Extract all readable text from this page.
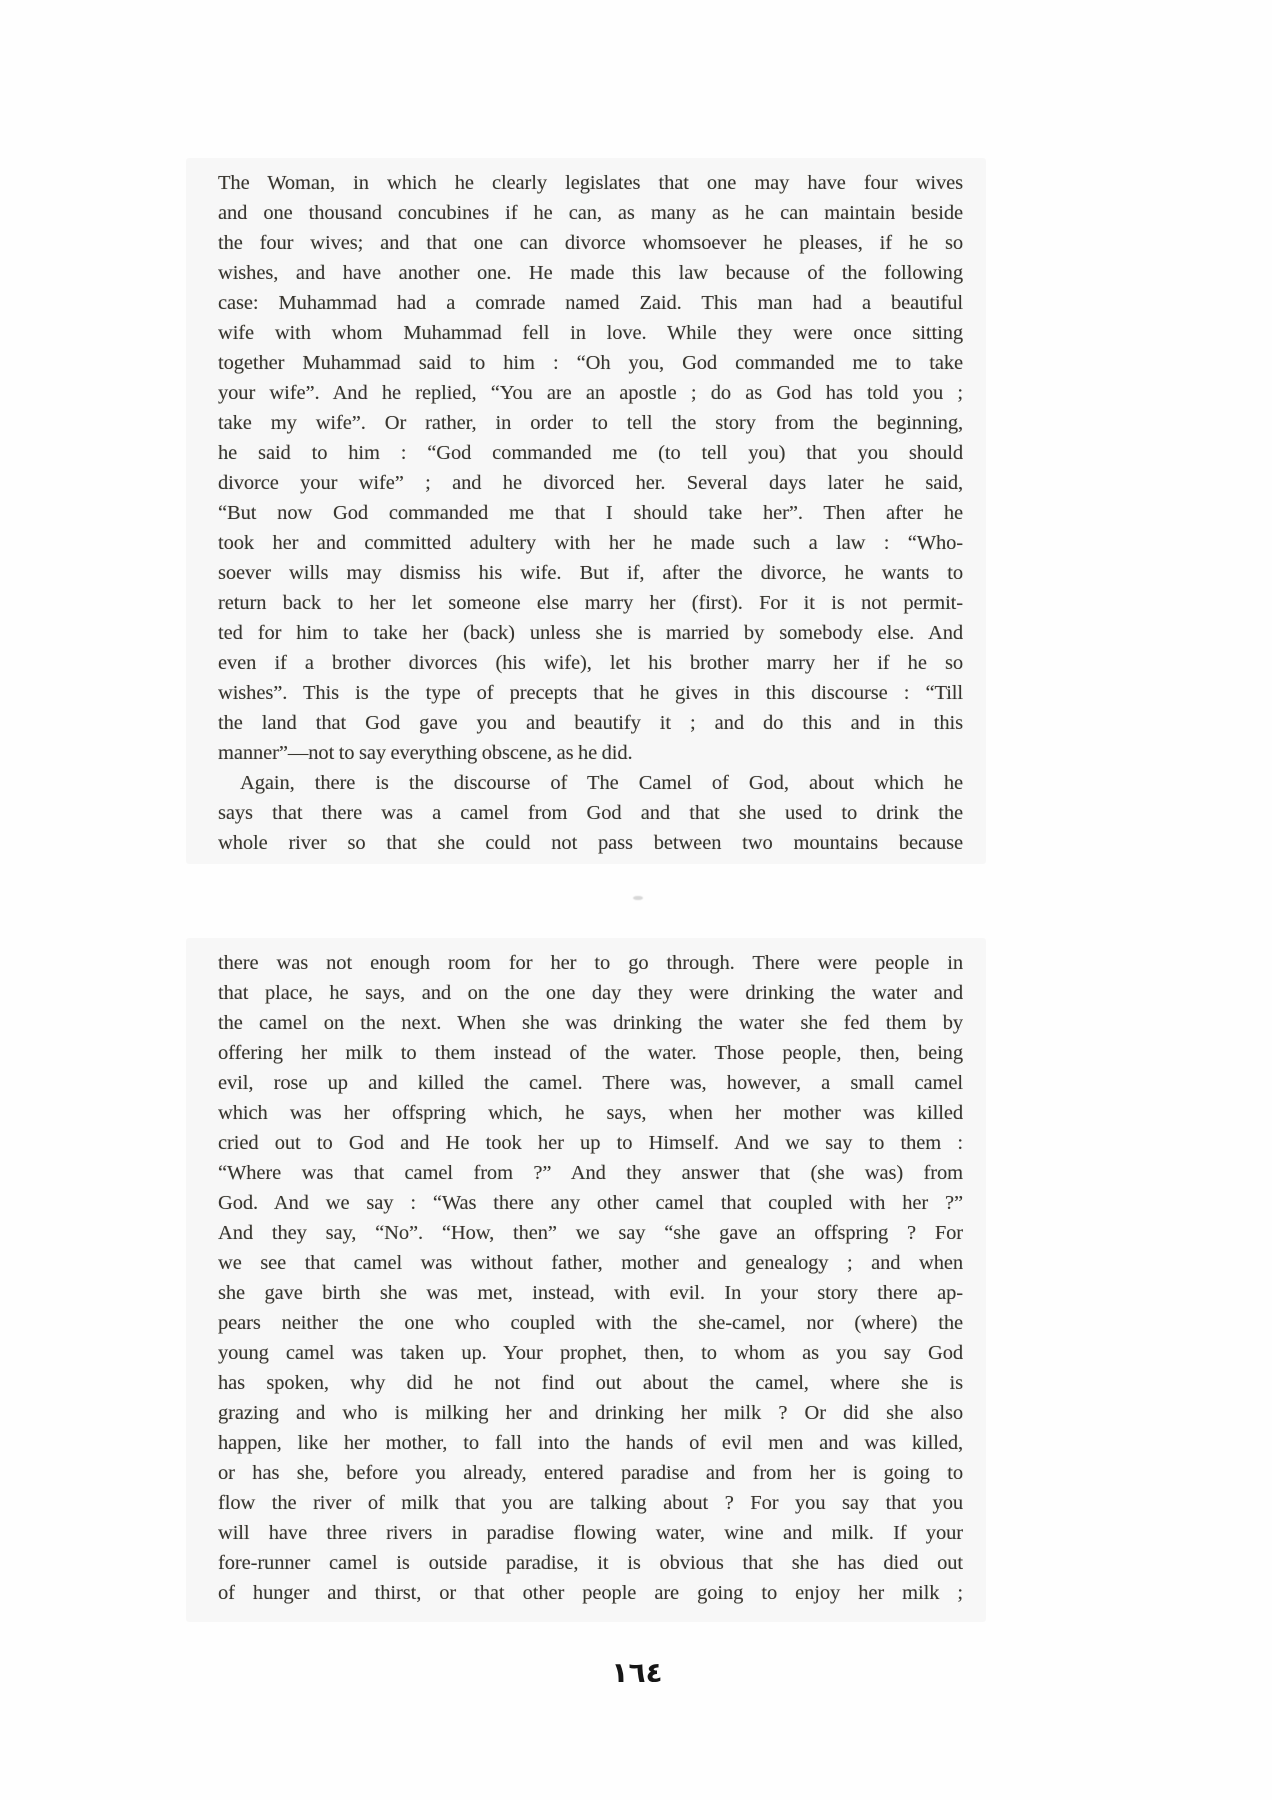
The Woman, in which he clearly legislates that one may have four wives
and one thousand concubines if he can, as many as he can maintain beside
the four wives; and that one can divorce whomsoever he pleases, if he so
wishes, and have another one. He made this law because of the following
case: Muhammad had a comrade named Zaid. This man had a beautiful
wife with whom Muhammad fell in love. While they were once sitting
together Muhammad said to him : “Oh you, God commanded me to take
your wife”. And he replied, “You are an apostle ; do as God has told you ;
take my wife”. Or rather, in order to tell the story from the beginning,
he said to him : “God commanded me (to tell you) that you should
divorce your wife” ; and he divorced her. Several days later he said,
“But now God commanded me that I should take her”. Then after he
took her and committed adultery with her he made such a law : “Who-
soever wills may dismiss his wife. But if, after the divorce, he wants to
return back to her let someone else marry her (first). For it is not permit-
ted for him to take her (back) unless she is married by somebody else. And
even if a brother divorces (his wife), let his brother marry her if he so
wishes”. This is the type of precepts that he gives in this discourse : “Till
the land that God gave you and beautify it ; and do this and in this
manner”—not to say everything obscene, as he did.
Again, there is the discourse of The Camel of God, about which he
says that there was a camel from God and that she used to drink the
whole river so that she could not pass between two mountains because
there was not enough room for her to go through. There were people in
that place, he says, and on the one day they were drinking the water and
the camel on the next. When she was drinking the water she fed them by
offering her milk to them instead of the water. Those people, then, being
evil, rose up and killed the camel. There was, however, a small camel
which was her offspring which, he says, when her mother was killed
cried out to God and He took her up to Himself. And we say to them :
“Where was that camel from ?” And they answer that (she was) from
God. And we say : “Was there any other camel that coupled with her ?”
And they say, “No”. “How, then” we say “she gave an offspring ? For
we see that camel was without father, mother and genealogy ; and when
she gave birth she was met, instead, with evil. In your story there ap-
pears neither the one who coupled with the she-camel, nor (where) the
young camel was taken up. Your prophet, then, to whom as you say God
has spoken, why did he not find out about the camel, where she is
grazing and who is milking her and drinking her milk ? Or did she also
happen, like her mother, to fall into the hands of evil men and was killed,
or has she, before you already, entered paradise and from her is going to
flow the river of milk that you are talking about ? For you say that you
will have three rivers in paradise flowing water, wine and milk. If your
fore-runner camel is outside paradise, it is obvious that she has died out
of hunger and thirst, or that other people are going to enjoy her milk ;
١٦٤
